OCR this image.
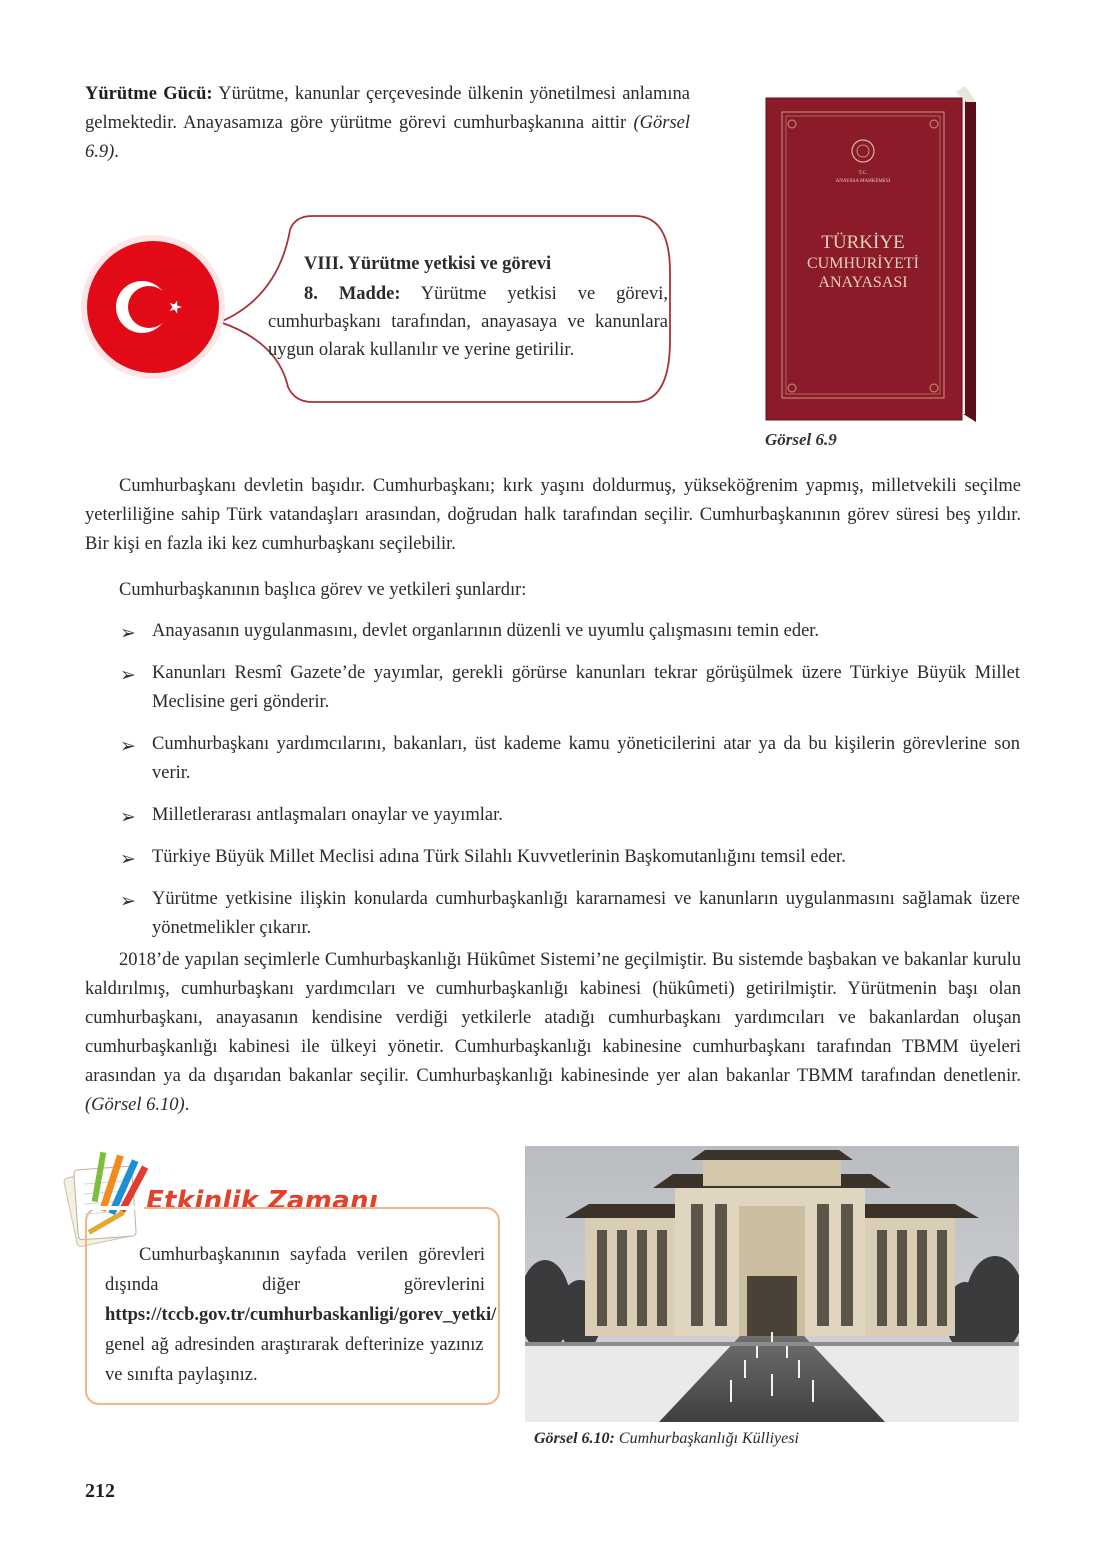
Yürütme Gücü: Yürütme, kanunlar çerçevesinde ülkenin yönetilmesi anlamına gelmektedir. Anayasamıza göre yürütme görevi cumhurbaşkanına aittir (Görsel 6.9).

VIII. Yürütme yetkisi ve görevi

8. Madde: Yürütme yetkisi ve görevi, cumhurbaşkanı tarafından, anayasaya ve kanunlara uygun olarak kullanılır ve yerine getirilir.

T.C.
ANAYASA MAHKEMESİ
TÜRKİYE
CUMHURİYETİ
ANAYASASI
Görsel 6.9

Cumhurbaşkanı devletin başıdır. Cumhurbaşkanı; kırk yaşını doldurmuş, yükseköğrenim yapmış, milletvekili seçilme yeterliliğine sahip Türk vatandaşları arasından, doğrudan halk tarafından seçilir. Cumhurbaşkanının görev süresi beş yıldır. Bir kişi en fazla iki kez cumhurbaşkanı seçilebilir.

Cumhurbaşkanının başlıca görev ve yetkileri şunlardır:

➢ Anayasanın uygulanmasını, devlet organlarının düzenli ve uyumlu çalışmasını temin eder.
➢ Kanunları Resmî Gazete’de yayımlar, gerekli görürse kanunları tekrar görüşülmek üzere Türkiye Büyük Millet Meclisine geri gönderir.
➢ Cumhurbaşkanı yardımcılarını, bakanları, üst kademe kamu yöneticilerini atar ya da bu kişilerin görevlerine son verir.
➢ Milletlerarası antlaşmaları onaylar ve yayımlar.
➢ Türkiye Büyük Millet Meclisi adına Türk Silahlı Kuvvetlerinin Başkomutanlığını temsil eder.
➢ Yürütme yetkisine ilişkin konularda cumhurbaşkanlığı kararnamesi ve kanunların uygulanmasını sağlamak üzere yönetmelikler çıkarır.

2018’de yapılan seçimlerle Cumhurbaşkanlığı Hükûmet Sistemi’ne geçilmiştir. Bu sistemde başbakan ve bakanlar kurulu kaldırılmış, cumhurbaşkanı yardımcıları ve cumhurbaşkanlığı kabinesi (hükûmeti) getirilmiştir. Yürütmenin başı olan cumhurbaşkanı, anayasanın kendisine verdiği yetkilerle atadığı cumhurbaşkanı yardımcıları ve bakanlardan oluşan cumhurbaşkanlığı kabinesi ile ülkeyi yönetir. Cumhurbaşkanlığı kabinesine cumhurbaşkanı tarafından TBMM üyeleri arasından ya da dışarıdan bakanlar seçilir. Cumhurbaşkanlığı kabinesinde yer alan bakanlar TBMM tarafından denetlenir. (Görsel 6.10).

Etkinlik Zamanı

Cumhurbaşkanının sayfada verilen görevleri dışında diğer görevlerini https://tccb.gov.tr/cumhurbaskanligi/gorev_yetki/ genel ağ adresinden araştırarak defterinize yazınız ve sınıfta paylaşınız.

Görsel 6.10: Cumhurbaşkanlığı Külliyesi
212
